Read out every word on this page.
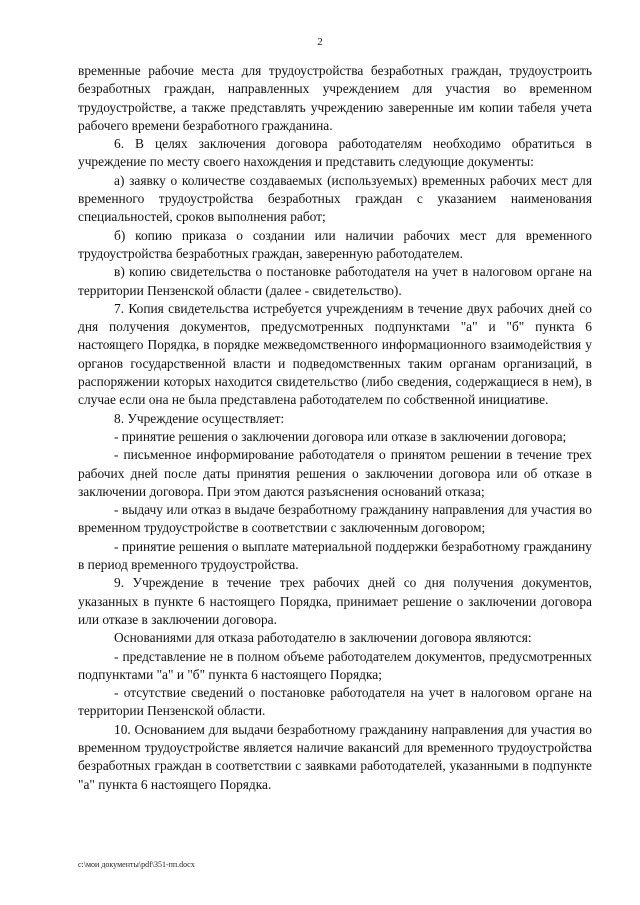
2

временные рабочие места для трудоустройства безработных граждан, трудоустроить безработных граждан, направленных учреждением для участия во временном трудоустройстве, а также представлять учреждению заверенные им копии табеля учета рабочего времени безработного гражданина.

6. В целях заключения договора работодателям необходимо обратиться в учреждение по месту своего нахождения и представить следующие документы:

а) заявку о количестве создаваемых (используемых) временных рабочих мест для временного трудоустройства безработных граждан с указанием наименования специальностей, сроков выполнения работ;

б) копию приказа о создании или наличии рабочих мест для временного трудоустройства безработных граждан, заверенную работодателем.

в) копию свидетельства о постановке работодателя на учет в налоговом органе на территории Пензенской области (далее - свидетельство).

7. Копия свидетельства истребуется учреждениям в течение двух рабочих дней со дня получения документов, предусмотренных подпунктами "а" и "б" пункта 6 настоящего Порядка, в порядке межведомственного информационного взаимодействия у органов государственной власти и подведомственных таким органам организаций, в распоряжении которых находится свидетельство (либо сведения, содержащиеся в нем), в случае если она не была представлена работодателем по собственной инициативе.

8. Учреждение осуществляет:

- принятие решения о заключении договора или отказе в заключении договора;

- письменное информирование работодателя о принятом решении в течение трех рабочих дней после даты принятия решения о заключении договора или об отказе в заключении договора. При этом даются разъяснения оснований отказа;

- выдачу или отказ в выдаче безработному гражданину направления для участия во временном трудоустройстве в соответствии с заключенным договором;

- принятие решения о выплате материальной поддержки безработному гражданину в период временного трудоустройства.

9. Учреждение в течение трех рабочих дней со дня получения документов, указанных в пункте 6 настоящего Порядка, принимает решение о заключении договора или отказе в заключении договора.

Основаниями для отказа работодателю в заключении договора являются:

- представление не в полном объеме работодателем документов, предусмотренных подпунктами "а" и "б" пункта 6 настоящего Порядка;

- отсутствие сведений о постановке работодателя на учет в налоговом органе на территории Пензенской области.

10. Основанием для выдачи безработному гражданину направления для участия во временном трудоустройстве является наличие вакансий для временного трудоустройства безработных граждан в соответствии с заявками работодателей, указанными в подпункте "а" пункта 6 настоящего Порядка.

c:\мои документы\pdf\351-пп.docx
